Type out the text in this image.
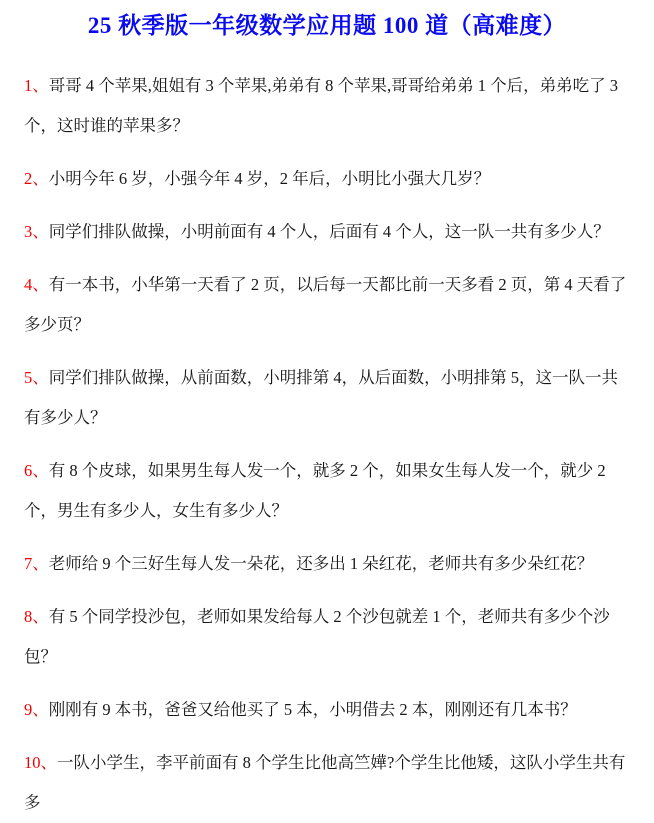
25 秋季版一年级数学应用题 100 道（高难度）

1、哥哥 4 个苹果,姐姐有 3 个苹果,弟弟有 8 个苹果,哥哥给弟弟 1 个后，弟弟吃了 3 个，这时谁的苹果多？

2、小明今年 6 岁，小强今年 4 岁，2 年后，小明比小强大几岁？

3、同学们排队做操，小明前面有 4 个人，后面有 4 个人，这一队一共有多少人？

4、有一本书，小华第一天看了 2 页，以后每一天都比前一天多看 2 页，第 4 天看了多少页？

5、同学们排队做操，从前面数，小明排第 4，从后面数，小明排第 5，这一队一共有多少人？

6、有 8 个皮球，如果男生每人发一个，就多 2 个，如果女生每人发一个，就少 2 个，男生有多少人，女生有多少人？

7、老师给 9 个三好生每人发一朵花，还多出 1 朵红花，老师共有多少朵红花？

8、有 5 个同学投沙包，老师如果发给每人 2 个沙包就差 1 个，老师共有多少个沙包？

9、刚刚有 9 本书，爸爸又给他买了 5 本，小明借去 2 本，刚刚还有几本书？

10、一队小学生，李平前面有 8 个学生比他高竺嬅?个学生比他矮，这队小学生共有多
